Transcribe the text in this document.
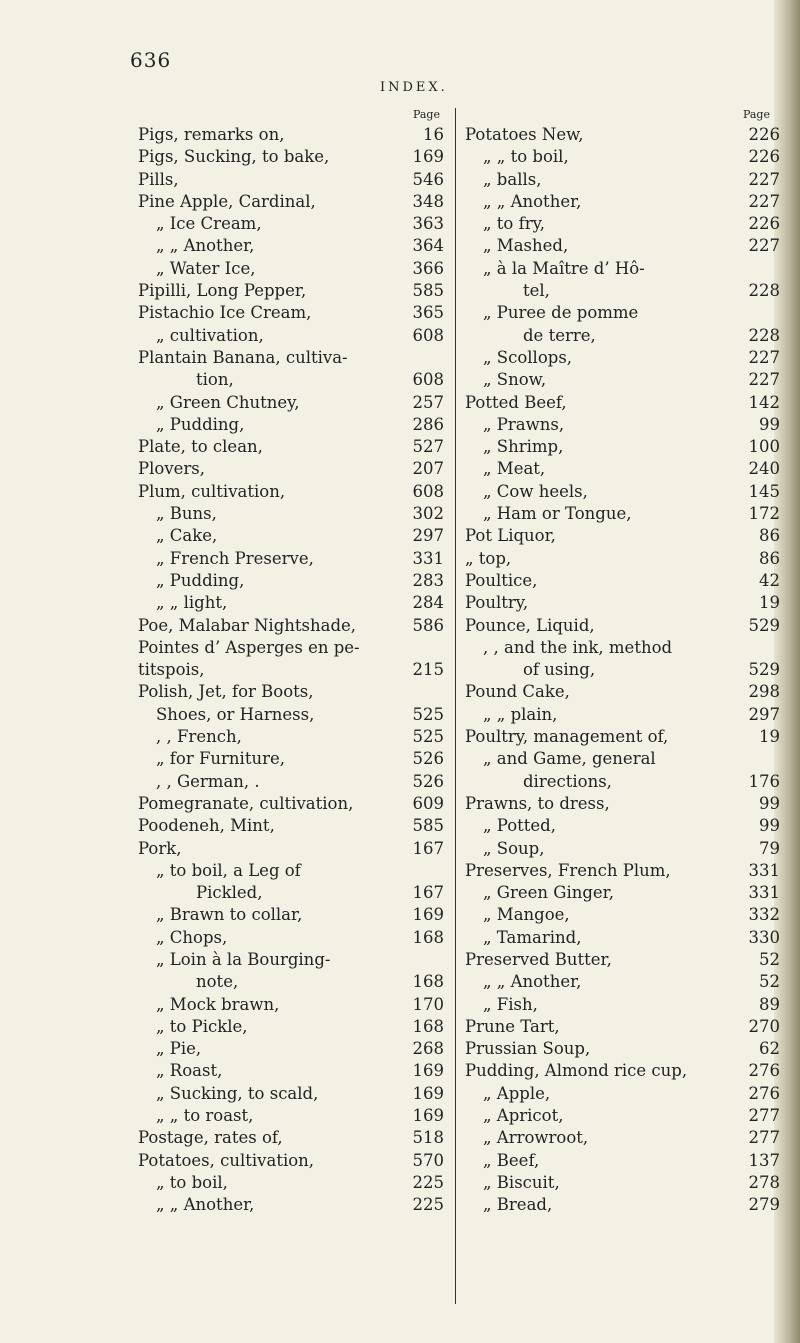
636
INDEX.
Page
Pigs, remarks on,	16
Pigs, Sucking, to bake,	169
Pills,	546
Pine Apple, Cardinal,	348
„ Ice Cream,	363
„ „ Another,	364
„ Water Ice,	366
Pipilli, Long Pepper,	585
Pistachio Ice Cream,	365
„ cultivation,	608
Plantain Banana, cultiva-
tion,	608
„ Green Chutney,	257
„ Pudding,	286
Plate, to clean,	527
Plovers,	207
Plum, cultivation,	608
„ Buns,	302
„ Cake,	297
„ French Preserve,	331
„ Pudding,	283
„ „ light,	284
Poe, Malabar Nightshade,	586
Pointes d’ Asperges en pe-
titspois,	215
Polish, Jet, for Boots,
Shoes, or Harness,	525
, , French,	525
„ for Furniture,	526
, , German, .	526
Pomegranate, cultivation,	609
Poodeneh, Mint,	585
Pork,	167
„ to boil, a Leg of
Pickled,	167
„ Brawn to collar,	169
„ Chops,	168
„ Loin à la Bourging-
note,	168
„ Mock brawn,	170
„ to Pickle,	168
„ Pie,	268
„ Roast,	169
„ Sucking, to scald,	169
„ „ to roast,	169
Postage, rates of,	518
Potatoes, cultivation,	570
„ to boil,	225
„ „ Another,	225
Page
Potatoes New,	226
„ „ to boil,	226
„ balls,	227
„ „ Another,	227
„ to fry,	226
„ Mashed,	227
„ à la Maître d’ Hô-
tel,	228
„ Puree de pomme
de terre,	228
„ Scollops,	227
„ Snow,	227
Potted Beef,	142
„ Prawns,	99
„ Shrimp,	100
„ Meat,	240
„ Cow heels,	145
„ Ham or Tongue,	172
Pot Liquor,	86
„ top,	86
Poultice,	42
Poultry,	19
Pounce, Liquid,	529
, , and the ink, method
of using,	529
Pound Cake,	298
„ „ plain,	297
Poultry, management of,	19
„ and Game, general
directions,	176
Prawns, to dress,	99
„ Potted,	99
„ Soup,	79
Preserves, French Plum,	331
„ Green Ginger,	331
„ Mangoe,	332
„ Tamarind,	330
Preserved Butter,	52
„ „ Another,	52
„ Fish,	89
Prune Tart,	270
Prussian Soup,	62
Pudding, Almond rice cup,	276
„ Apple,	276
„ Apricot,	277
„ Arrowroot,	277
„ Beef,	137
„ Biscuit,	278
„ Bread,	279
